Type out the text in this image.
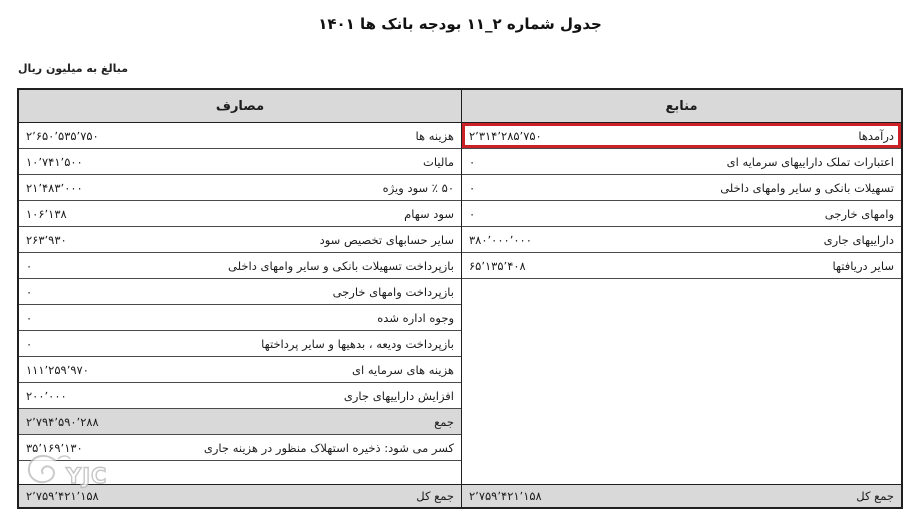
جدول شماره ۲_۱۱ بودجه بانک ها ۱۴۰۱
مبالغ به میلیون ریال
مصارف
هزینه ها
۲٬۶۵۰٬۵۳۵٬۷۵۰
مالیات
۱۰٬۷۴۱٬۵۰۰
۵۰ ٪ سود ویژه
۲۱٬۴۸۳٬۰۰۰
سود سهام
۱۰۶٬۱۳۸
سایر حسابهای تخصیص سود
۲۶۳٬۹۳۰
بازپرداخت تسهیلات بانکی و سایر وامهای داخلی
۰
بازپرداخت وامهای خارجی
۰
وجوه اداره شده
۰
بازپرداخت ودیعه ، بدهیها و سایر پرداختها
۰
هزینه های سرمایه ای
۱۱۱٬۲۵۹٬۹۷۰
افزایش داراییهای جاری
۲۰۰٬۰۰۰
جمع
۲٬۷۹۴٬۵۹۰٬۲۸۸
کسر می شود: ذخیره استهلاک منظور در هزینه جاری
۳۵٬۱۶۹٬۱۳۰
جمع کل
۲٬۷۵۹٬۴۲۱٬۱۵۸
منابع
درآمدها
۲٬۳۱۴٬۲۸۵٬۷۵۰
اعتبارات تملک داراییهای سرمایه ای
۰
تسهیلات بانکی و سایر وامهای داخلی
۰
وامهای خارجی
۰
داراییهای جاری
۳۸۰٬۰۰۰٬۰۰۰
سایر دریافتها
۶۵٬۱۳۵٬۴۰۸
جمع کل
۲٬۷۵۹٬۴۲۱٬۱۵۸
YJC
